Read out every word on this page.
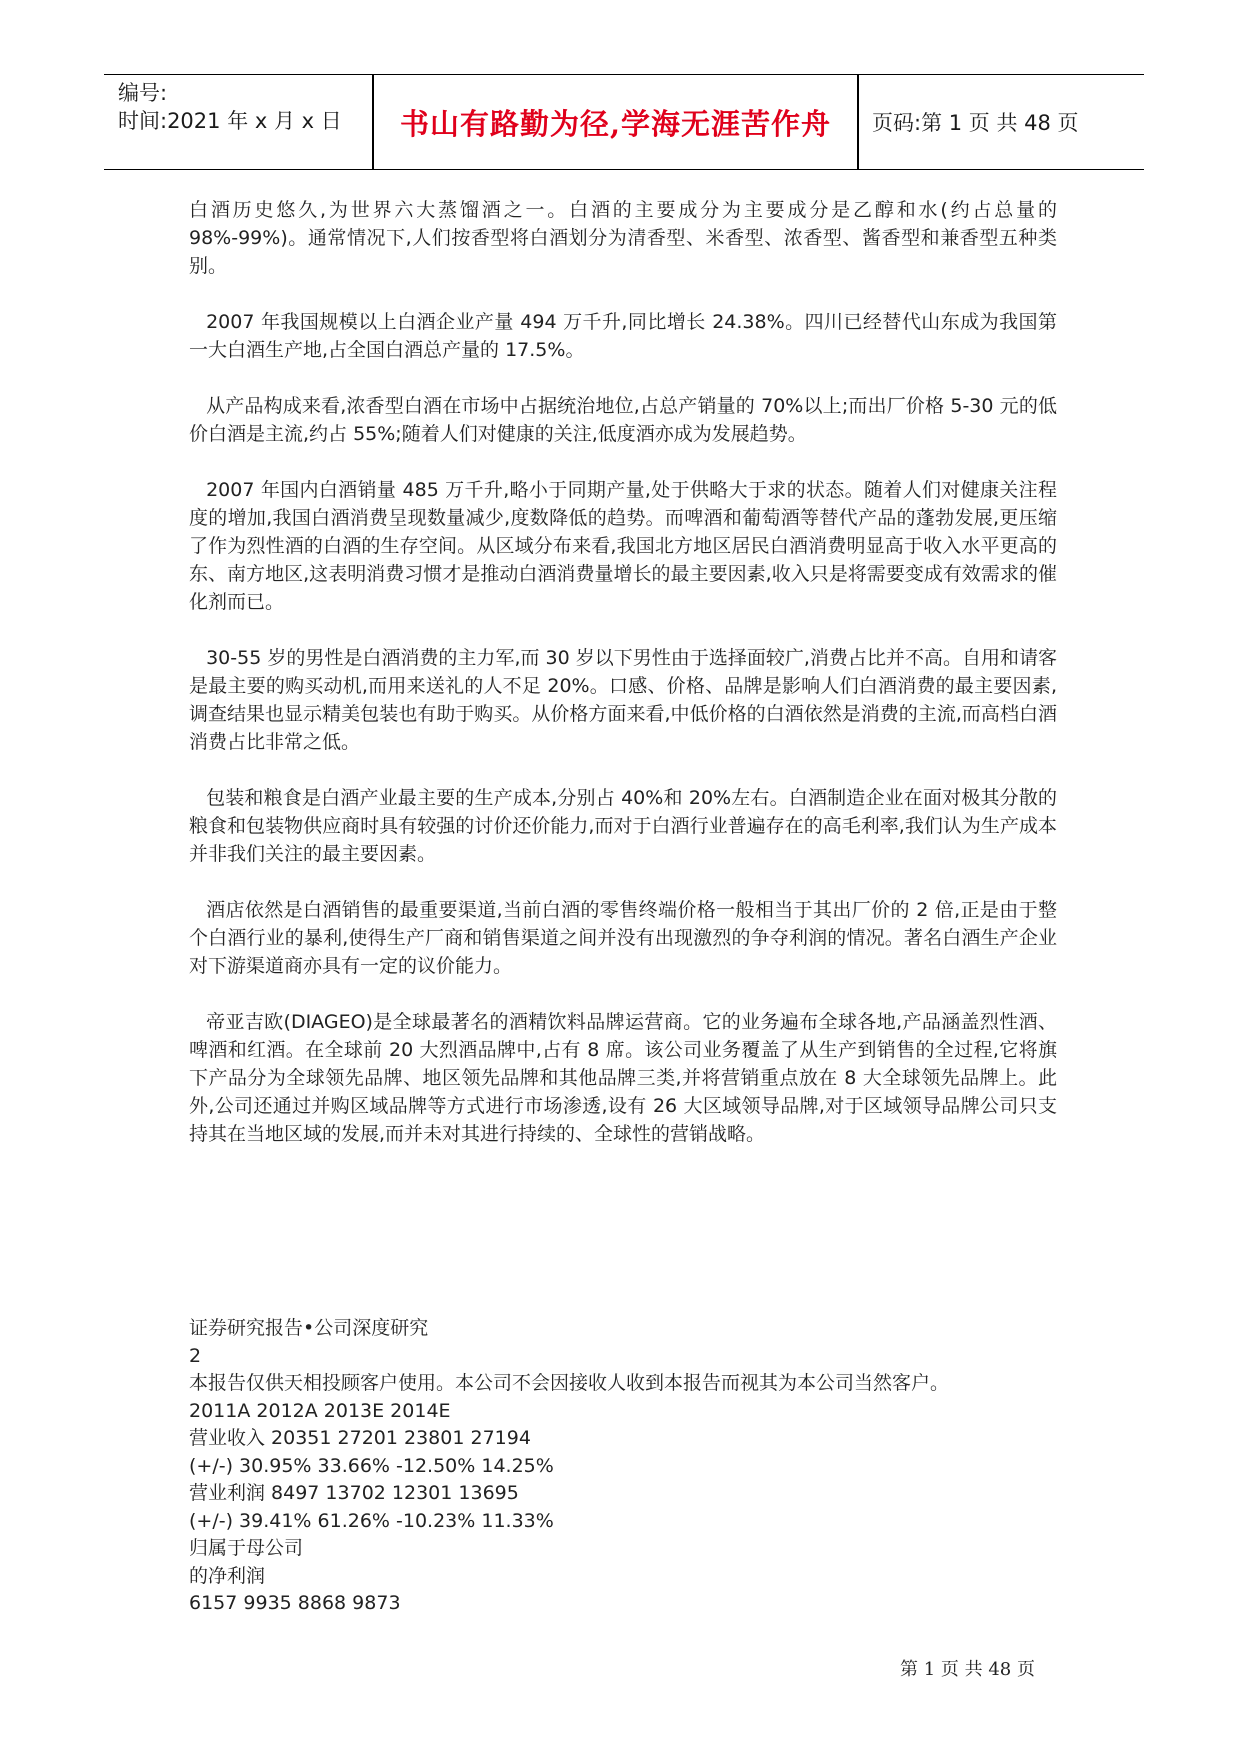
编号:
时间:2021 年 x 月 x 日	书山有路勤为径,学海无涯苦作舟	页码:第 1 页 共 48 页

白酒历史悠久,为世界六大蒸馏酒之一。白酒的主要成分为主要成分是乙醇和水(约占总量的 98%-99%)。通常情况下,人们按香型将白酒划分为清香型、米香型、浓香型、酱香型和兼香型五种类别。

2007 年我国规模以上白酒企业产量 494 万千升,同比增长 24.38%。四川已经替代山东成为我国第一大白酒生产地,占全国白酒总产量的 17.5%。

从产品构成来看,浓香型白酒在市场中占据统治地位,占总产销量的 70%以上;而出厂价格 5-30 元的低价白酒是主流,约占 55%;随着人们对健康的关注,低度酒亦成为发展趋势。

2007 年国内白酒销量 485 万千升,略小于同期产量,处于供略大于求的状态。随着人们对健康关注程度的增加,我国白酒消费呈现数量减少,度数降低的趋势。而啤酒和葡萄酒等替代产品的蓬勃发展,更压缩了作为烈性酒的白酒的生存空间。从区域分布来看,我国北方地区居民白酒消费明显高于收入水平更高的东、南方地区,这表明消费习惯才是推动白酒消费量增长的最主要因素,收入只是将需要变成有效需求的催化剂而已。

30-55 岁的男性是白酒消费的主力军,而 30 岁以下男性由于选择面较广,消费占比并不高。自用和请客是最主要的购买动机,而用来送礼的人不足 20%。口感、价格、品牌是影响人们白酒消费的最主要因素,调查结果也显示精美包装也有助于购买。从价格方面来看,中低价格的白酒依然是消费的主流,而高档白酒消费占比非常之低。

包装和粮食是白酒产业最主要的生产成本,分别占 40%和 20%左右。白酒制造企业在面对极其分散的粮食和包装物供应商时具有较强的讨价还价能力,而对于白酒行业普遍存在的高毛利率,我们认为生产成本并非我们关注的最主要因素。

酒店依然是白酒销售的最重要渠道,当前白酒的零售终端价格一般相当于其出厂价的 2 倍,正是由于整个白酒行业的暴利,使得生产厂商和销售渠道之间并没有出现激烈的争夺利润的情况。著名白酒生产企业对下游渠道商亦具有一定的议价能力。

帝亚吉欧(DIAGEO)是全球最著名的酒精饮料品牌运营商。它的业务遍布全球各地,产品涵盖烈性酒、啤酒和红酒。在全球前 20 大烈酒品牌中,占有 8 席。该公司业务覆盖了从生产到销售的全过程,它将旗下产品分为全球领先品牌、地区领先品牌和其他品牌三类,并将营销重点放在 8 大全球领先品牌上。此外,公司还通过并购区域品牌等方式进行市场渗透,设有 26 大区域领导品牌,对于区域领导品牌公司只支持其在当地区域的发展,而并未对其进行持续的、全球性的营销战略。

证券研究报告•公司深度研究
2
本报告仅供天相投顾客户使用。本公司不会因接收人收到本报告而视其为本公司当然客户。
2011A 2012A 2013E 2014E
营业收入 20351 27201 23801 27194
(+/-) 30.95% 33.66% -12.50% 14.25%
营业利润 8497 13702 12301 13695
(+/-) 39.41% 61.26% -10.23% 11.33%
归属于母公司
的净利润
6157 9935 8868 9873
第 1 页 共 48 页
